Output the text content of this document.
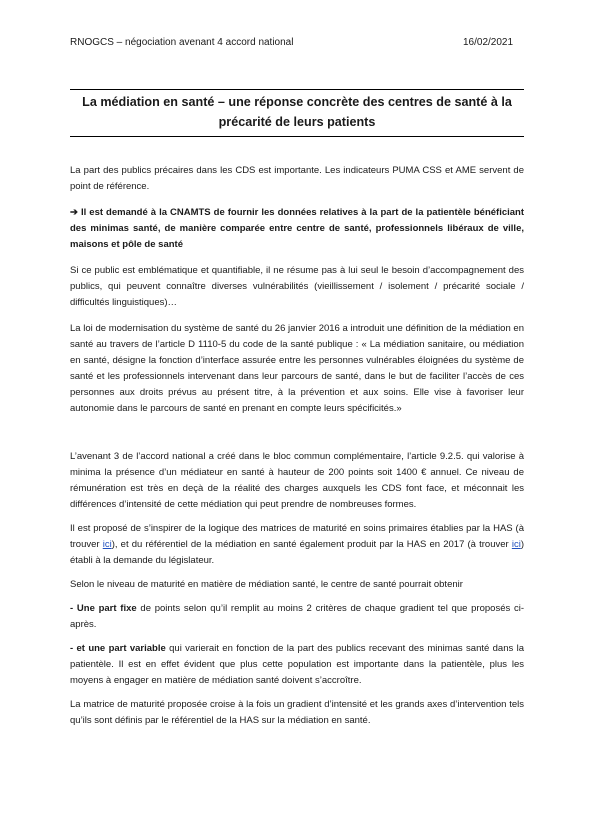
RNOGCS – négociation avenant 4 accord national	16/02/2021
La médiation en santé – une réponse concrète des centres de santé à la
précarité de leurs patients

La part des publics précaires dans les CDS est importante. Les indicateurs PUMA CSS et AME servent de point de référence.

➔ Il est demandé à la CNAMTS de fournir les données relatives à la part de la patientèle bénéficiant des minimas santé, de manière comparée entre centre de santé, professionnels libéraux de ville, maisons et pôle de santé

Si ce public est emblématique et quantifiable, il ne résume pas à lui seul le besoin d’accompagnement des publics, qui peuvent connaître diverses vulnérabilités (vieillissement / isolement / précarité sociale / difficultés linguistiques)…

La loi de modernisation du système de santé du 26 janvier 2016 a introduit une définition de la médiation en santé au travers de l’article D 1110-5 du code de la santé publique : « La médiation sanitaire, ou médiation en santé, désigne la fonction d’interface assurée entre les personnes vulnérables éloignées du système de santé et les professionnels intervenant dans leur parcours de santé, dans le but de faciliter l’accès de ces personnes aux droits prévus au présent titre, à la prévention et aux soins. Elle vise à favoriser leur autonomie dans le parcours de santé en prenant en compte leurs spécificités.»

L’avenant 3 de l’accord national a créé dans le bloc commun complémentaire, l’article 9.2.5. qui valorise à minima la présence d’un médiateur en santé à hauteur de 200 points soit 1400 € annuel. Ce niveau de rémunération est très en deçà de la réalité des charges auxquels les CDS font face, et méconnait les différences d’intensité de cette médiation qui peut prendre de nombreuses formes.

Il est proposé de s’inspirer de la logique des matrices de maturité en soins primaires établies par la HAS (à trouver ici), et du référentiel de la médiation en santé également produit par la HAS en 2017 (à trouver ici) établi à la demande du législateur.

Selon le niveau de maturité en matière de médiation santé, le centre de santé pourrait obtenir

- Une part fixe de points selon qu’il remplit au moins 2 critères de chaque gradient tel que proposés ci-après.

- et une part variable qui varierait en fonction de la part des publics recevant des minimas santé dans la patientèle. Il est en effet évident que plus cette population est importante dans la patientèle, plus les moyens à engager en matière de médiation santé doivent s’accroître.

La matrice de maturité proposée croise à la fois un gradient d’intensité et les grands axes d’intervention tels qu’ils sont définis par le référentiel de la HAS sur la médiation en santé.
